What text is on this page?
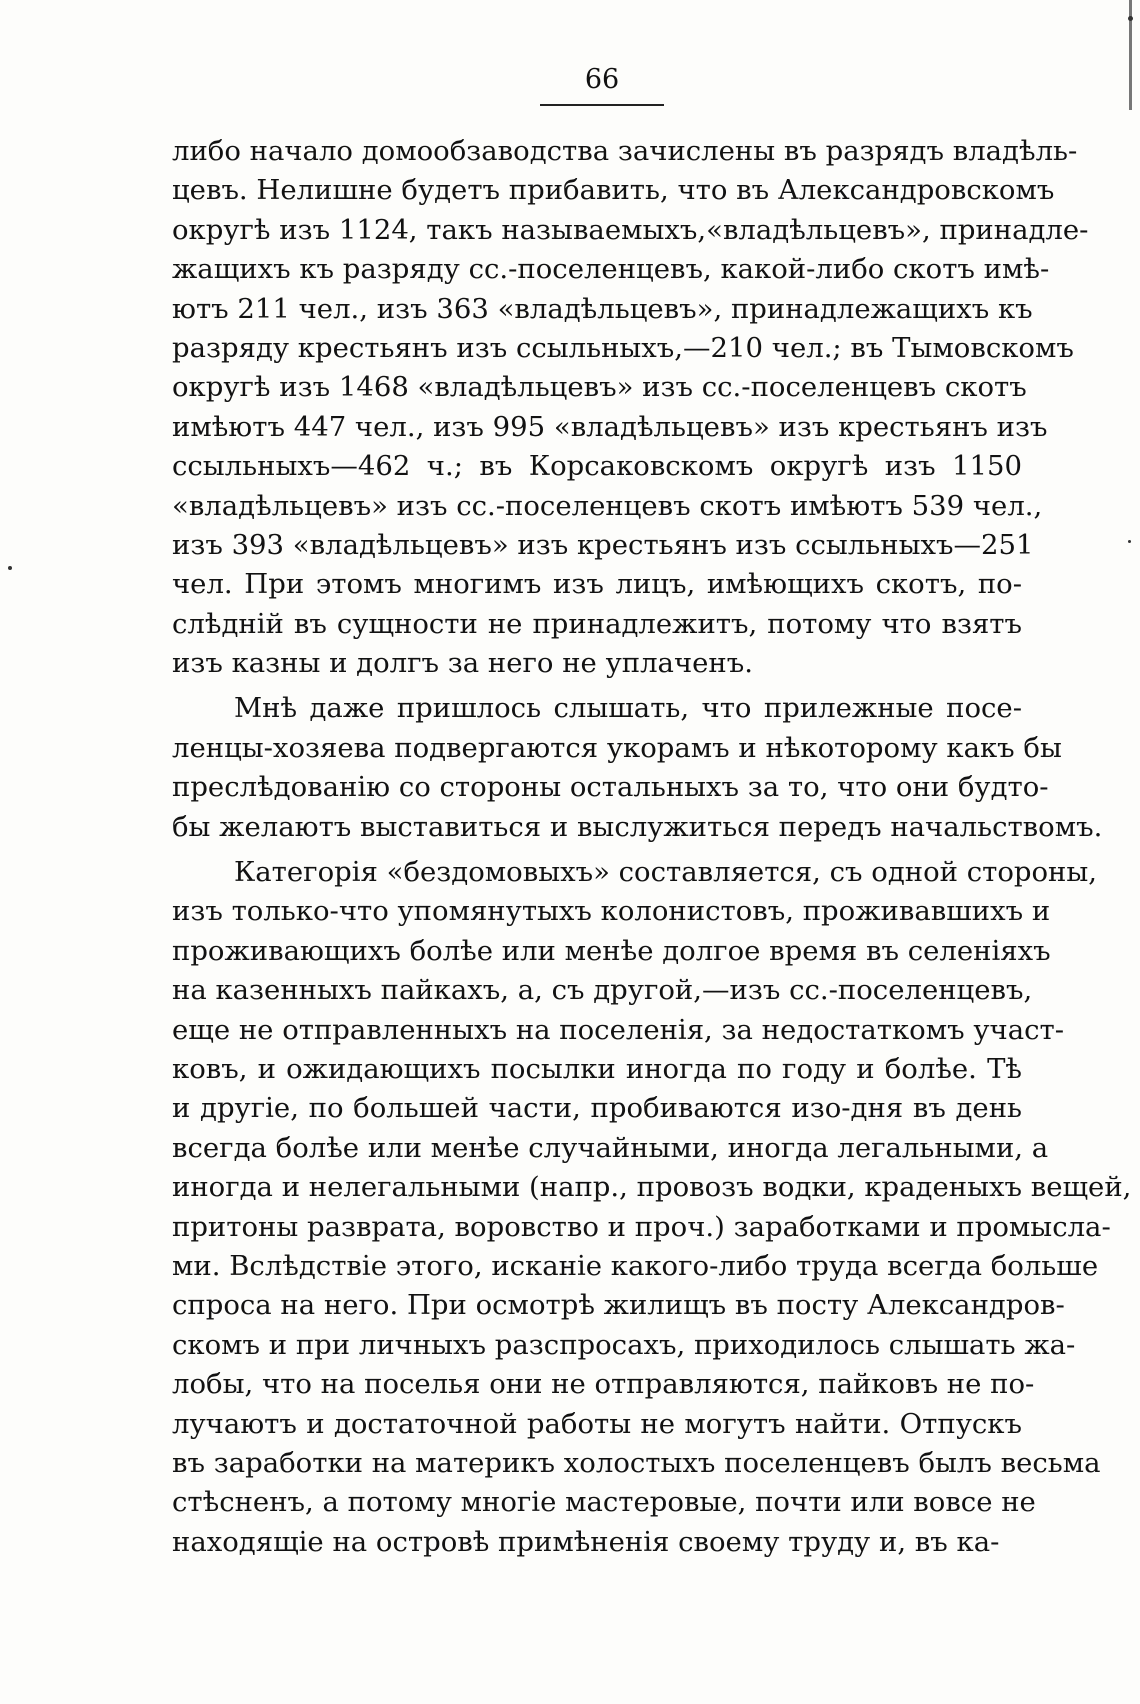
66
либо начало домообзаводства зачислены въ разрядъ владѣль-
цевъ. Нелишне будетъ прибавить, что въ Александровскомъ
округѣ изъ 1124, такъ называемыхъ,«владѣльцевъ», принадле-
жащихъ къ разряду сс.-поселенцевъ, какой-либо скотъ имѣ-
ютъ 211 чел., изъ 363 «владѣльцевъ», принадлежащихъ къ
разряду крестьянъ изъ ссыльныхъ,—210 чел.; въ Тымовскомъ
округѣ изъ 1468 «владѣльцевъ» изъ сс.-поселенцевъ скотъ
имѣютъ 447 чел., изъ 995 «владѣльцевъ» изъ крестьянъ изъ
ссыльныхъ—462 ч.; въ Корсаковскомъ округѣ изъ 1150
«владѣльцевъ» изъ сс.-поселенцевъ скотъ имѣютъ 539 чел.,
изъ 393 «владѣльцевъ» изъ крестьянъ изъ ссыльныхъ—251
чел. При этомъ многимъ изъ лицъ, имѣющихъ скотъ, по-
слѣдній въ сущности не принадлежитъ, потому что взятъ
изъ казны и долгъ за него не уплаченъ.
Мнѣ даже пришлось слышать, что прилежные посе-
ленцы-хозяева подвергаются укорамъ и нѣкоторому какъ бы
преслѣдованію со стороны остальныхъ за то, что они будто-
бы желаютъ выставиться и выслужиться передъ начальствомъ.
Категорія «бездомовыхъ» составляется, съ одной стороны,
изъ только-что упомянутыхъ колонистовъ, проживавшихъ и
проживающихъ болѣе или менѣе долгое время въ селеніяхъ
на казенныхъ пайкахъ, а, съ другой,—изъ сс.-поселенцевъ,
еще не отправленныхъ на поселенія, за недостаткомъ участ-
ковъ, и ожидающихъ посылки иногда по году и болѣе. Тѣ
и другіе, по большей части, пробиваются изо-дня въ день
всегда болѣе или менѣе случайными, иногда легальными, а
иногда и нелегальными (напр., провозъ водки, краденыхъ вещей,
притоны разврата, воровство и проч.) заработками и промысла-
ми. Вслѣдствіе этого, исканіе какого-либо труда всегда больше
спроса на него. При осмотрѣ жилищъ въ посту Александров-
скомъ и при личныхъ разспросахъ, приходилось слышать жа-
лобы, что на поселья они не отправляются, пайковъ не по-
лучаютъ и достаточной работы не могутъ найти. Отпускъ
въ заработки на материкъ холостыхъ поселенцевъ былъ весьма
стѣсненъ, а потому многіе мастеровые, почти или вовсе не
находящіе на островѣ примѣненія своему труду и, въ ка-
